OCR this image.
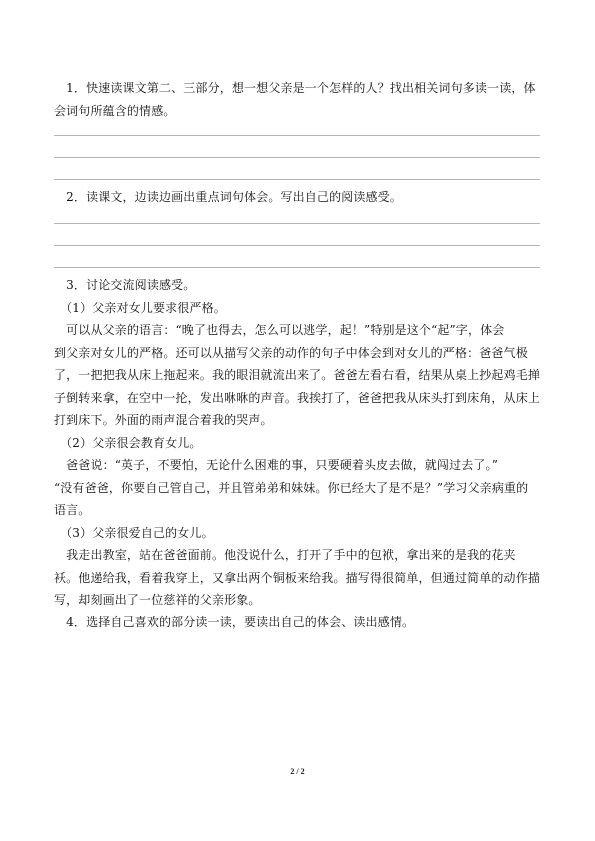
　1．快速读课文第二、三部分，想一想父亲是一个怎样的人？找出相关词句多读一读，体
会词句所蕴含的情感。
　2．读课文，边读边画出重点词句体会。写出自己的阅读感受。
　3．讨论交流阅读感受。
　（1）父亲对女儿要求很严格。
　可以从父亲的语言：“晚了也得去，怎么可以逃学，起！”特别是这个“起”字，体会
到父亲对女儿的严格。还可以从描写父亲的动作的句子中体会到对女儿的严格：爸爸气极
了，一把把我从床上拖起来。我的眼泪就流出来了。爸爸左看右看，结果从桌上抄起鸡毛掸
子倒转来拿，在空中一抡，发出咻咻的声音。我挨打了，爸爸把我从床头打到床角，从床上
打到床下。外面的雨声混合着我的哭声。
　（2）父亲很会教育女儿。
　爸爸说：“英子，不要怕，无论什么困难的事，只要硬着头皮去做，就闯过去了。”
“没有爸爸，你要自己管自己，并且管弟弟和妹妹。你已经大了是不是？”学习父亲病重的
语言。
　（3）父亲很爱自己的女儿。
　我走出教室，站在爸爸面前。他没说什么，打开了手中的包袱，拿出来的是我的花夹
袄。他递给我，看着我穿上，又拿出两个铜板来给我。描写得很简单，但通过简单的动作描
写，却刻画出了一位慈祥的父亲形象。
　4．选择自己喜欢的部分读一读，要读出自己的体会、读出感情。
2 / 2
